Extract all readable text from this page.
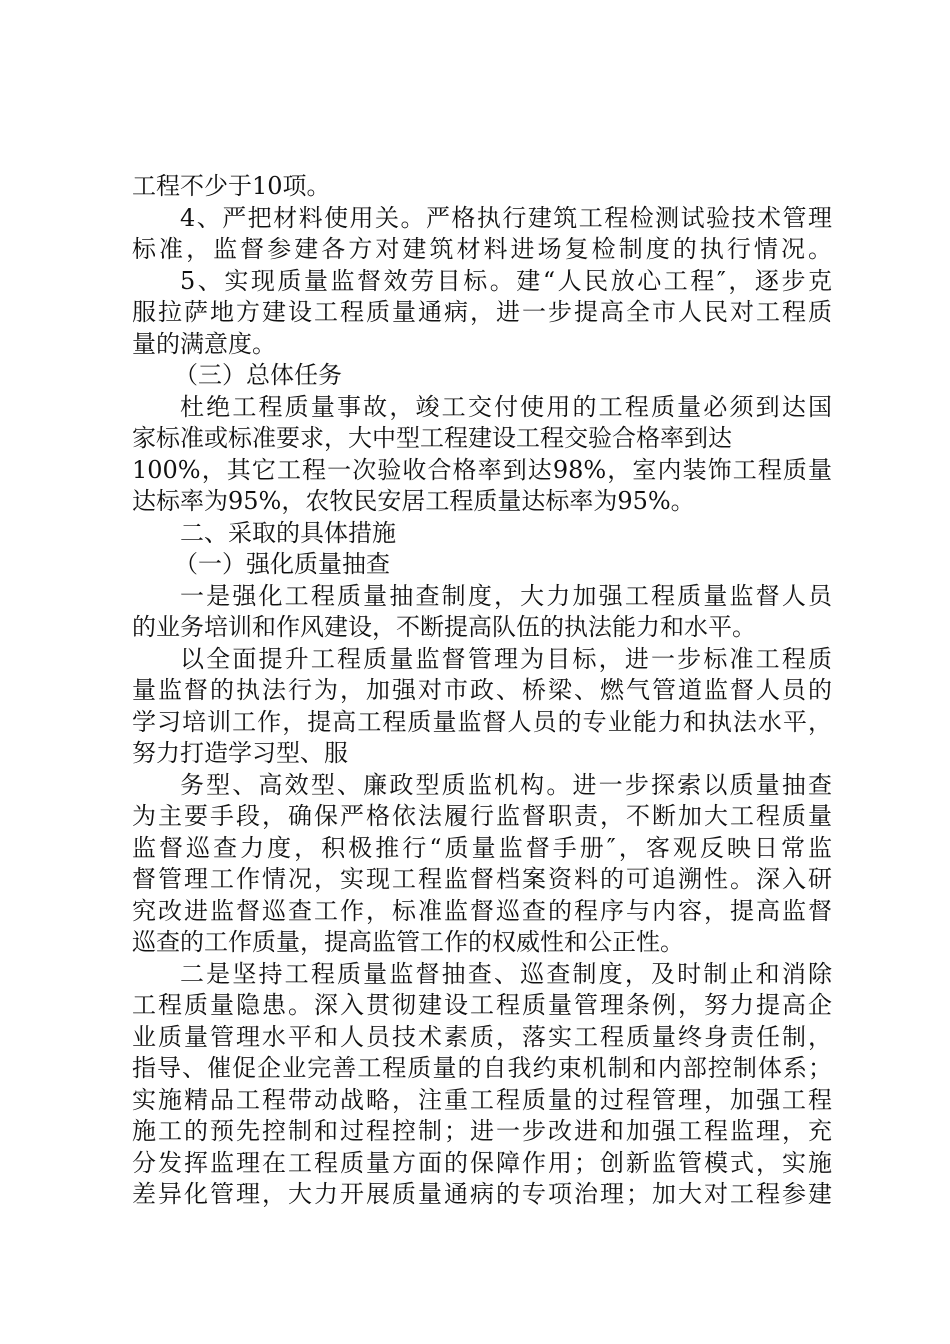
工程不少于10项。
4、严把材料使用关。严格执行建筑工程检测试验技术管理
标准，监督参建各方对建筑材料进场复检制度的执行情况。
5、实现质量监督效劳目标。建“人民放心工程″，逐步克
服拉萨地方建设工程质量通病，进一步提高全市人民对工程质
量的满意度。
（三）总体任务
杜绝工程质量事故，竣工交付使用的工程质量必须到达国
家标准或标准要求，大中型工程建设工程交验合格率到达
100%，其它工程一次验收合格率到达98%，室内装饰工程质量
达标率为95%，农牧民安居工程质量达标率为95%。
二、采取的具体措施
（一）强化质量抽查
一是强化工程质量抽查制度，大力加强工程质量监督人员
的业务培训和作风建设，不断提高队伍的执法能力和水平。
以全面提升工程质量监督管理为目标，进一步标准工程质
量监督的执法行为，加强对市政、桥梁、燃气管道监督人员的
学习培训工作，提高工程质量监督人员的专业能力和执法水平，
努力打造学习型、服
务型、高效型、廉政型质监机构。进一步探索以质量抽查
为主要手段，确保严格依法履行监督职责，不断加大工程质量
监督巡查力度，积极推行“质量监督手册″，客观反映日常监
督管理工作情况，实现工程监督档案资料的可追溯性。深入研
究改进监督巡查工作，标准监督巡查的程序与内容，提高监督
巡查的工作质量，提高监管工作的权威性和公正性。
二是坚持工程质量监督抽查、巡查制度，及时制止和消除
工程质量隐患。深入贯彻建设工程质量管理条例，努力提高企
业质量管理水平和人员技术素质，落实工程质量终身责任制，
指导、催促企业完善工程质量的自我约束机制和内部控制体系；
实施精品工程带动战略，注重工程质量的过程管理，加强工程
施工的预先控制和过程控制；进一步改进和加强工程监理，充
分发挥监理在工程质量方面的保障作用；创新监管模式，实施
差异化管理，大力开展质量通病的专项治理；加大对工程参建
